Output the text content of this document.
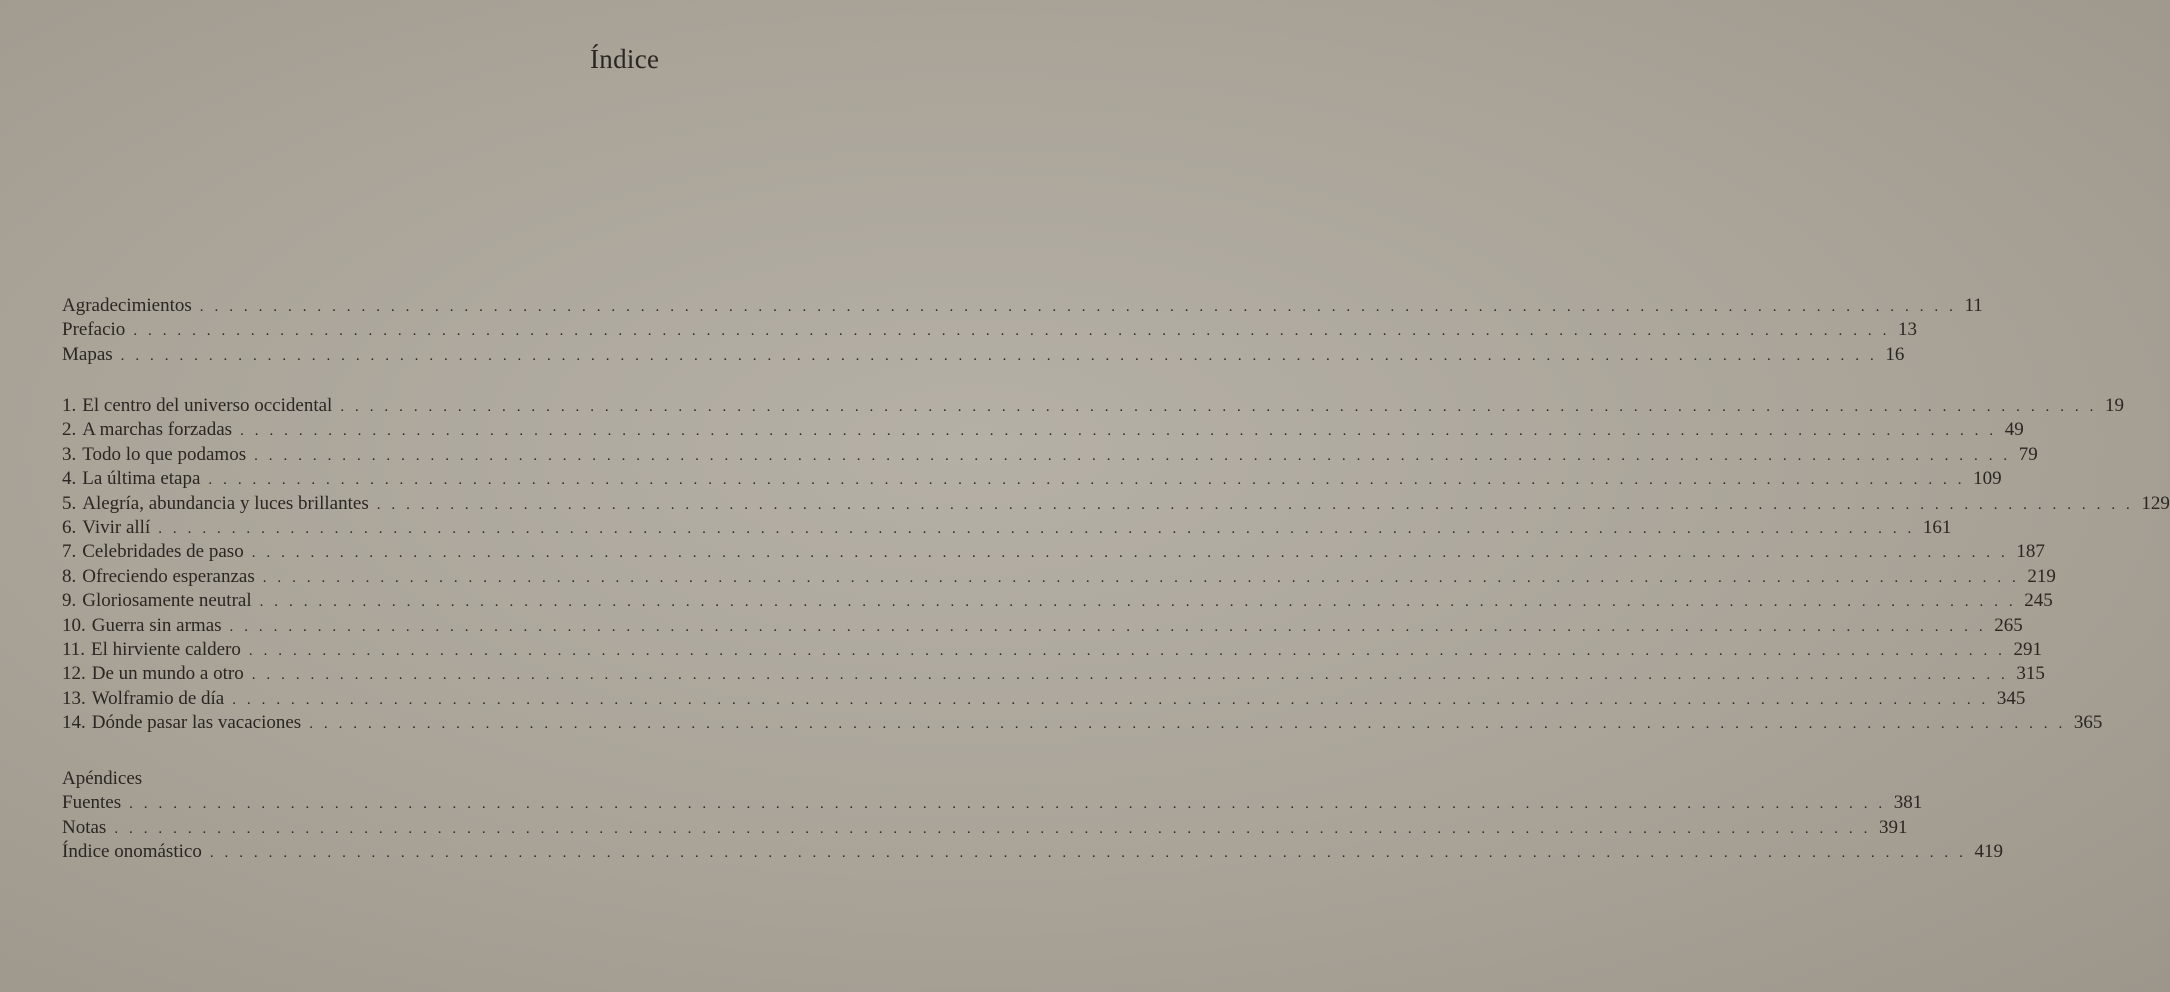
Índice
Agradecimientos . . . . . . . . . . . . . . . . . . . . . . . . . . . . . . . . . . . . . . . . . . . . . . . . . . . . . . . . . . . . . . . . . . . . . . . . . . . . . . . . . . . . . . . . . . . . . . . . . . . . . . . . . . . . . . . . . . . . . . . . 11
Prefacio . . . . . . . . . . . . . . . . . . . . . . . . . . . . . . . . . . . . . . . . . . . . . . . . . . . . . . . . . . . . . . . . . . . . . . . . . . . . . . . . . . . . . . . . . . . . . . . . . . . . . . . . . . . . . . . . . . . . . . . . 13
Mapas . . . . . . . . . . . . . . . . . . . . . . . . . . . . . . . . . . . . . . . . . . . . . . . . . . . . . . . . . . . . . . . . . . . . . . . . . . . . . . . . . . . . . . . . . . . . . . . . . . . . . . . . . . . . . . . . . . . . . . . . 16
1. El centro del universo occidental . . . . . . . . . . . . . . . . . . . . . . . . . . . . . . . . . . . . . . . . . . . . . . . . . . . . . . . . . . . . . . . . . . . . . . . . . . . . . . . . . . . . . . . . . . . . . . . . . . . . . . . . . . . . . . . . . . . . . . . . 19
2. A marchas forzadas . . . . . . . . . . . . . . . . . . . . . . . . . . . . . . . . . . . . . . . . . . . . . . . . . . . . . . . . . . . . . . . . . . . . . . . . . . . . . . . . . . . . . . . . . . . . . . . . . . . . . . . . . . . . . . . . . . . . . . . . 49
3. Todo lo que podamos . . . . . . . . . . . . . . . . . . . . . . . . . . . . . . . . . . . . . . . . . . . . . . . . . . . . . . . . . . . . . . . . . . . . . . . . . . . . . . . . . . . . . . . . . . . . . . . . . . . . . . . . . . . . . . . . . . . . . . . . 79
4. La última etapa . . . . . . . . . . . . . . . . . . . . . . . . . . . . . . . . . . . . . . . . . . . . . . . . . . . . . . . . . . . . . . . . . . . . . . . . . . . . . . . . . . . . . . . . . . . . . . . . . . . . . . . . . . . . . . . . . . . . . . . . 109
5. Alegría, abundancia y luces brillantes . . . . . . . . . . . . . . . . . . . . . . . . . . . . . . . . . . . . . . . . . . . . . . . . . . . . . . . . . . . . . . . . . . . . . . . . . . . . . . . . . . . . . . . . . . . . . . . . . . . . . . . . . . . . . . . . . . . . . . . . 129
6. Vivir allí . . . . . . . . . . . . . . . . . . . . . . . . . . . . . . . . . . . . . . . . . . . . . . . . . . . . . . . . . . . . . . . . . . . . . . . . . . . . . . . . . . . . . . . . . . . . . . . . . . . . . . . . . . . . . . . . . . . . . . . . 161
7. Celebridades de paso . . . . . . . . . . . . . . . . . . . . . . . . . . . . . . . . . . . . . . . . . . . . . . . . . . . . . . . . . . . . . . . . . . . . . . . . . . . . . . . . . . . . . . . . . . . . . . . . . . . . . . . . . . . . . . . . . . . . . . . . 187
8. Ofreciendo esperanzas . . . . . . . . . . . . . . . . . . . . . . . . . . . . . . . . . . . . . . . . . . . . . . . . . . . . . . . . . . . . . . . . . . . . . . . . . . . . . . . . . . . . . . . . . . . . . . . . . . . . . . . . . . . . . . . . . . . . . . . . 219
9. Gloriosamente neutral . . . . . . . . . . . . . . . . . . . . . . . . . . . . . . . . . . . . . . . . . . . . . . . . . . . . . . . . . . . . . . . . . . . . . . . . . . . . . . . . . . . . . . . . . . . . . . . . . . . . . . . . . . . . . . . . . . . . . . . . 245
10. Guerra sin armas . . . . . . . . . . . . . . . . . . . . . . . . . . . . . . . . . . . . . . . . . . . . . . . . . . . . . . . . . . . . . . . . . . . . . . . . . . . . . . . . . . . . . . . . . . . . . . . . . . . . . . . . . . . . . . . . . . . . . . . . 265
11. El hirviente caldero . . . . . . . . . . . . . . . . . . . . . . . . . . . . . . . . . . . . . . . . . . . . . . . . . . . . . . . . . . . . . . . . . . . . . . . . . . . . . . . . . . . . . . . . . . . . . . . . . . . . . . . . . . . . . . . . . . . . . . . . 291
12. De un mundo a otro . . . . . . . . . . . . . . . . . . . . . . . . . . . . . . . . . . . . . . . . . . . . . . . . . . . . . . . . . . . . . . . . . . . . . . . . . . . . . . . . . . . . . . . . . . . . . . . . . . . . . . . . . . . . . . . . . . . . . . . . 315
13. Wolframio de día . . . . . . . . . . . . . . . . . . . . . . . . . . . . . . . . . . . . . . . . . . . . . . . . . . . . . . . . . . . . . . . . . . . . . . . . . . . . . . . . . . . . . . . . . . . . . . . . . . . . . . . . . . . . . . . . . . . . . . . . 345
14. Dónde pasar las vacaciones . . . . . . . . . . . . . . . . . . . . . . . . . . . . . . . . . . . . . . . . . . . . . . . . . . . . . . . . . . . . . . . . . . . . . . . . . . . . . . . . . . . . . . . . . . . . . . . . . . . . . . . . . . . . . . . . . . . . . . . . 365
Apéndices
Fuentes . . . . . . . . . . . . . . . . . . . . . . . . . . . . . . . . . . . . . . . . . . . . . . . . . . . . . . . . . . . . . . . . . . . . . . . . . . . . . . . . . . . . . . . . . . . . . . . . . . . . . . . . . . . . . . . . . . . . . . . . 381
Notas . . . . . . . . . . . . . . . . . . . . . . . . . . . . . . . . . . . . . . . . . . . . . . . . . . . . . . . . . . . . . . . . . . . . . . . . . . . . . . . . . . . . . . . . . . . . . . . . . . . . . . . . . . . . . . . . . . . . . . . . 391
Índice onomástico . . . . . . . . . . . . . . . . . . . . . . . . . . . . . . . . . . . . . . . . . . . . . . . . . . . . . . . . . . . . . . . . . . . . . . . . . . . . . . . . . . . . . . . . . . . . . . . . . . . . . . . . . . . . . . . . . . . . . . . . 419
